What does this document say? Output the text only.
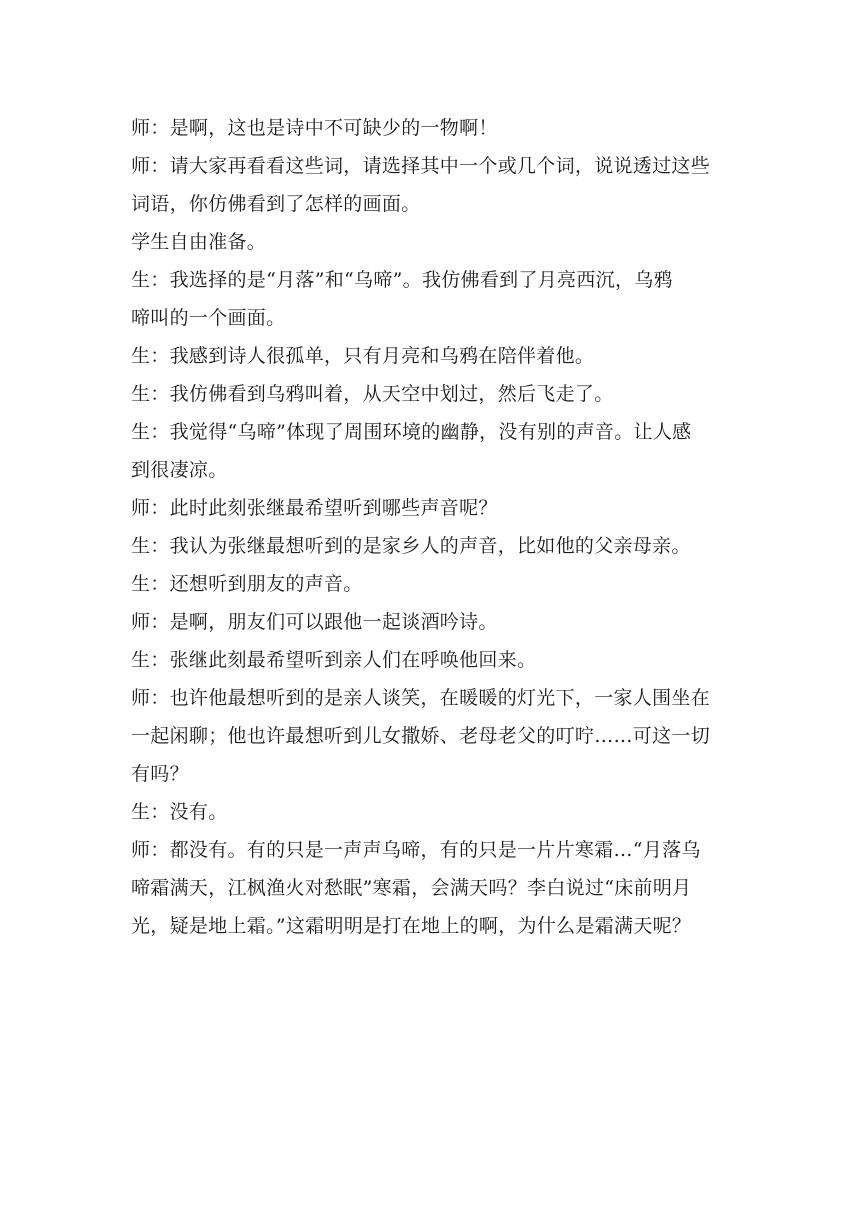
师：是啊，这也是诗中不可缺少的一物啊！
师：请大家再看看这些词，请选择其中一个或几个词，说说透过这些
词语，你仿佛看到了怎样的画面。
学生自由准备。
生：我选择的是“月落”和“乌啼”。我仿佛看到了月亮西沉，乌鸦
啼叫的一个画面。
生：我感到诗人很孤单，只有月亮和乌鸦在陪伴着他。
生：我仿佛看到乌鸦叫着，从天空中划过，然后飞走了。
生：我觉得“乌啼”体现了周围环境的幽静，没有别的声音。让人感
到很凄凉。
师：此时此刻张继最希望听到哪些声音呢？
生：我认为张继最想听到的是家乡人的声音，比如他的父亲母亲。
生：还想听到朋友的声音。
师：是啊，朋友们可以跟他一起谈酒吟诗。
生：张继此刻最希望听到亲人们在呼唤他回来。
师：也许他最想听到的是亲人谈笑，在暖暖的灯光下，一家人围坐在
一起闲聊；他也许最想听到儿女撒娇、老母老父的叮咛……可这一切
有吗？
生：没有。
师：都没有。有的只是一声声乌啼，有的只是一片片寒霜…“月落乌
啼霜满天，江枫渔火对愁眠”寒霜，会满天吗？李白说过“床前明月
光，疑是地上霜。”这霜明明是打在地上的啊，为什么是霜满天呢？
